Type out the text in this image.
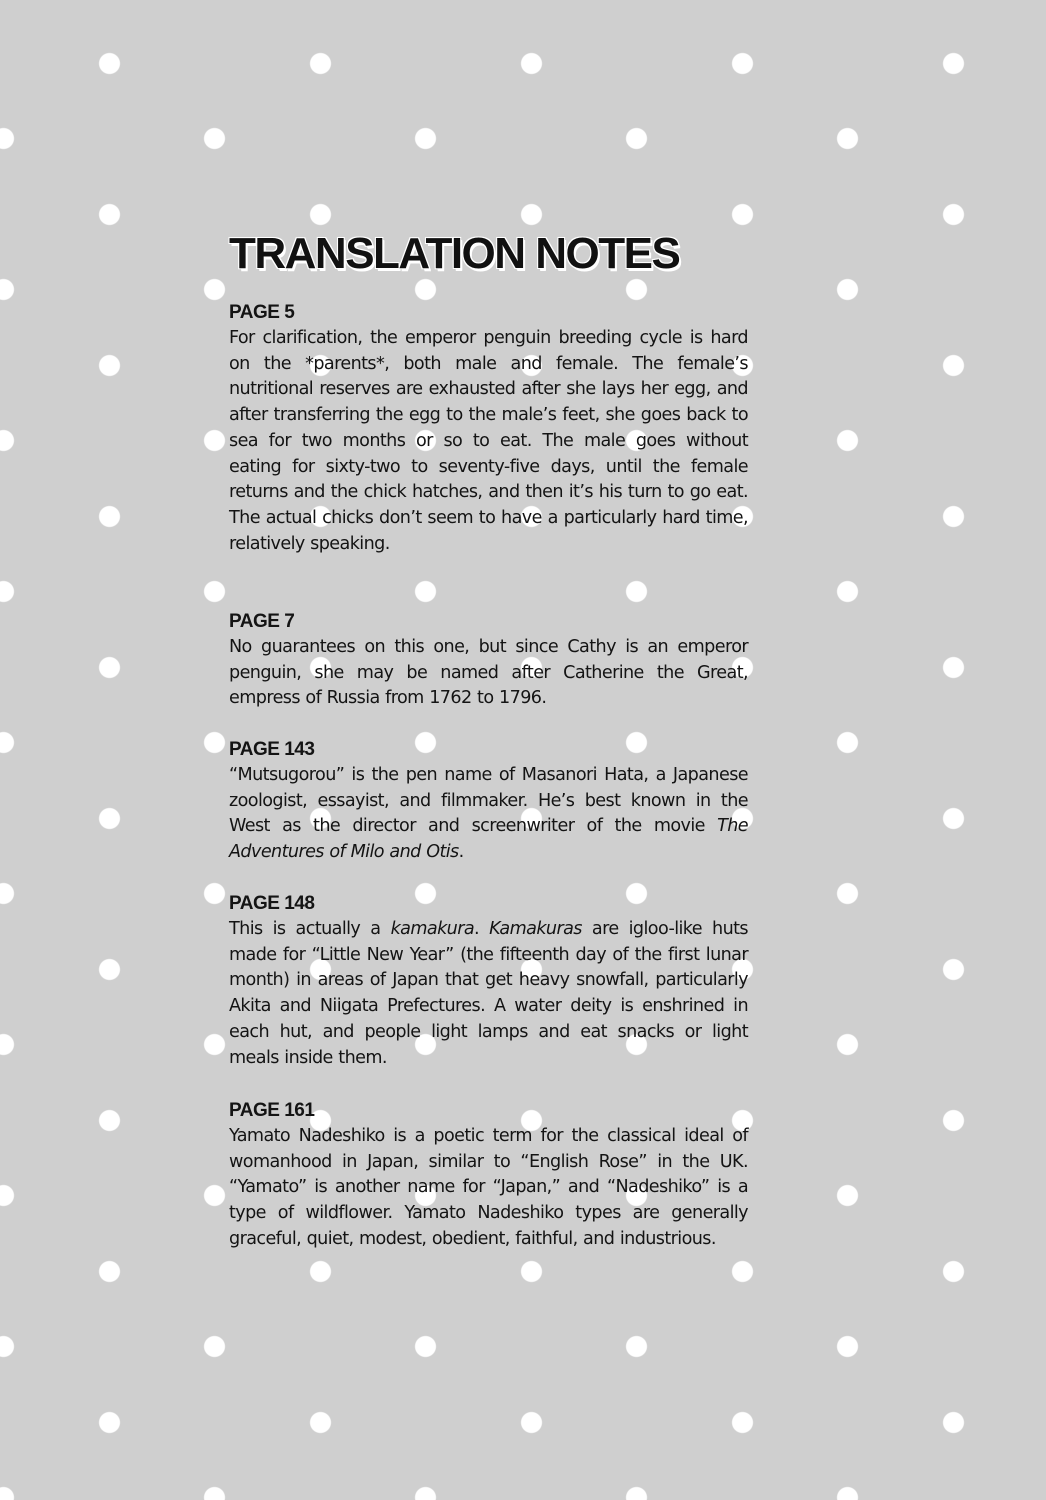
TRANSLATION NOTES
PAGE 5
For clarification, the emperor penguin breeding cycle is hard on the *parents*, both male and female. The female’s nutritional reserves are exhausted after she lays her egg, and after transferring the egg to the male’s feet, she goes back to sea for two months or so to eat. The male goes without eating for sixty-two to seventy-five days, until the female returns and the chick hatches, and then it’s his turn to go eat. The actual chicks don’t seem to have a particularly hard time, relatively speaking.
PAGE 7
No guarantees on this one, but since Cathy is an emperor penguin, she may be named after Catherine the Great, empress of Russia from 1762 to 1796.
PAGE 143
“Mutsugorou” is the pen name of Masanori Hata, a Japanese zoologist, essayist, and filmmaker. He’s best known in the West as the director and screenwriter of the movie The Adventures of Milo and Otis.
PAGE 148
This is actually a kamakura. Kamakuras are igloo-like huts made for “Little New Year” (the fifteenth day of the first lunar month) in areas of Japan that get heavy snowfall, particularly Akita and Niigata Prefectures. A water deity is enshrined in each hut, and people light lamps and eat snacks or light meals inside them.
PAGE 161
Yamato Nadeshiko is a poetic term for the classical ideal of womanhood in Japan, similar to “English Rose” in the UK. “Yamato” is another name for “Japan,” and “Nadeshiko” is a type of wildflower. Yamato Nadeshiko types are generally graceful, quiet, modest, obedient, faithful, and industrious.
